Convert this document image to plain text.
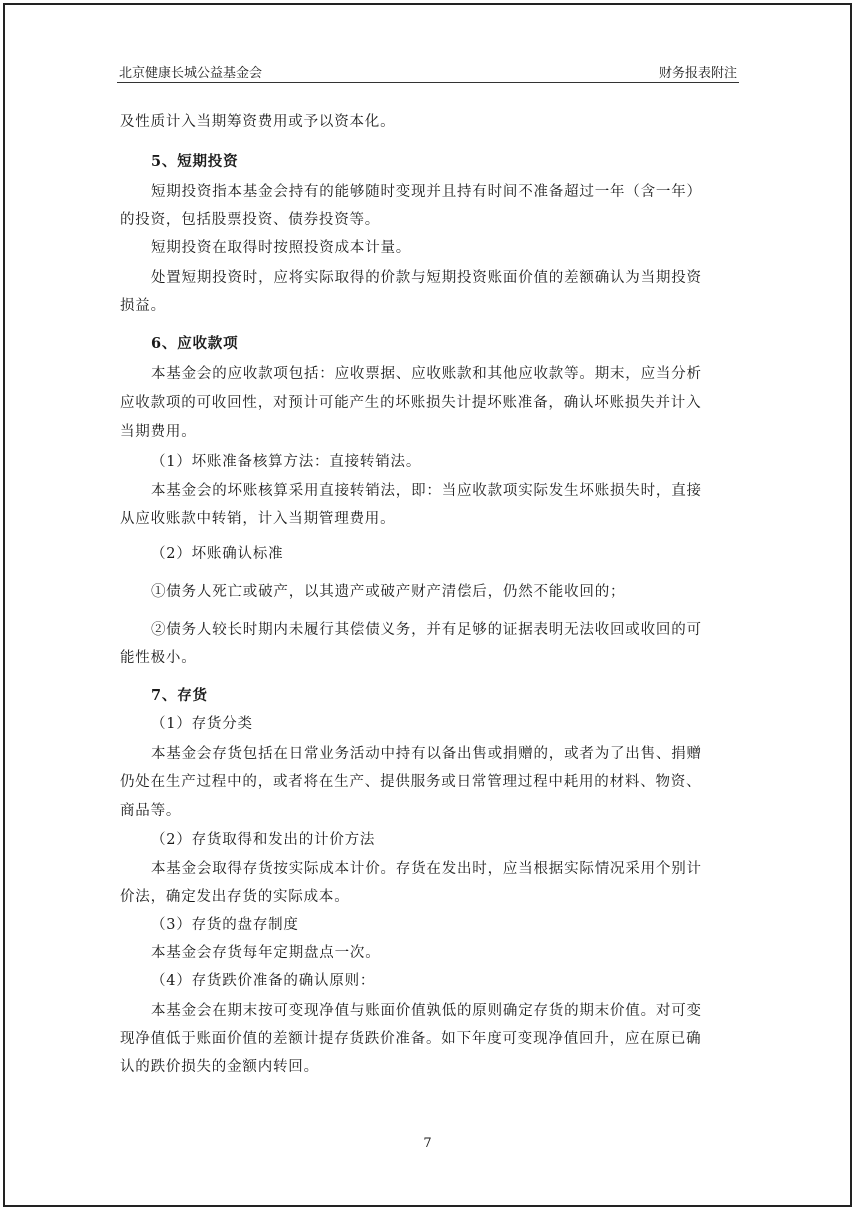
北京健康长城公益基金会	财务报表附注
及性质计入当期筹资费用或予以资本化。
5、短期投资
短期投资指本基金会持有的能够随时变现并且持有时间不准备超过一年（含一年）
的投资，包括股票投资、债券投资等。
短期投资在取得时按照投资成本计量。
处置短期投资时，应将实际取得的价款与短期投资账面价值的差额确认为当期投资
损益。
6、应收款项
本基金会的应收款项包括：应收票据、应收账款和其他应收款等。期末，应当分析
应收款项的可收回性，对预计可能产生的坏账损失计提坏账准备，确认坏账损失并计入
当期费用。
（1）坏账准备核算方法：直接转销法。
本基金会的坏账核算采用直接转销法，即：当应收款项实际发生坏账损失时，直接
从应收账款中转销，计入当期管理费用。
（2）坏账确认标准
①债务人死亡或破产，以其遗产或破产财产清偿后，仍然不能收回的；
②债务人较长时期内未履行其偿债义务，并有足够的证据表明无法收回或收回的可
能性极小。
7、存货
（1）存货分类
本基金会存货包括在日常业务活动中持有以备出售或捐赠的，或者为了出售、捐赠
仍处在生产过程中的，或者将在生产、提供服务或日常管理过程中耗用的材料、物资、
商品等。
（2）存货取得和发出的计价方法
本基金会取得存货按实际成本计价。存货在发出时，应当根据实际情况采用个别计
价法，确定发出存货的实际成本。
（3）存货的盘存制度
本基金会存货每年定期盘点一次。
（4）存货跌价准备的确认原则：
本基金会在期末按可变现净值与账面价值孰低的原则确定存货的期末价值。对可变
现净值低于账面价值的差额计提存货跌价准备。如下年度可变现净值回升，应在原已确
认的跌价损失的金额内转回。
7
